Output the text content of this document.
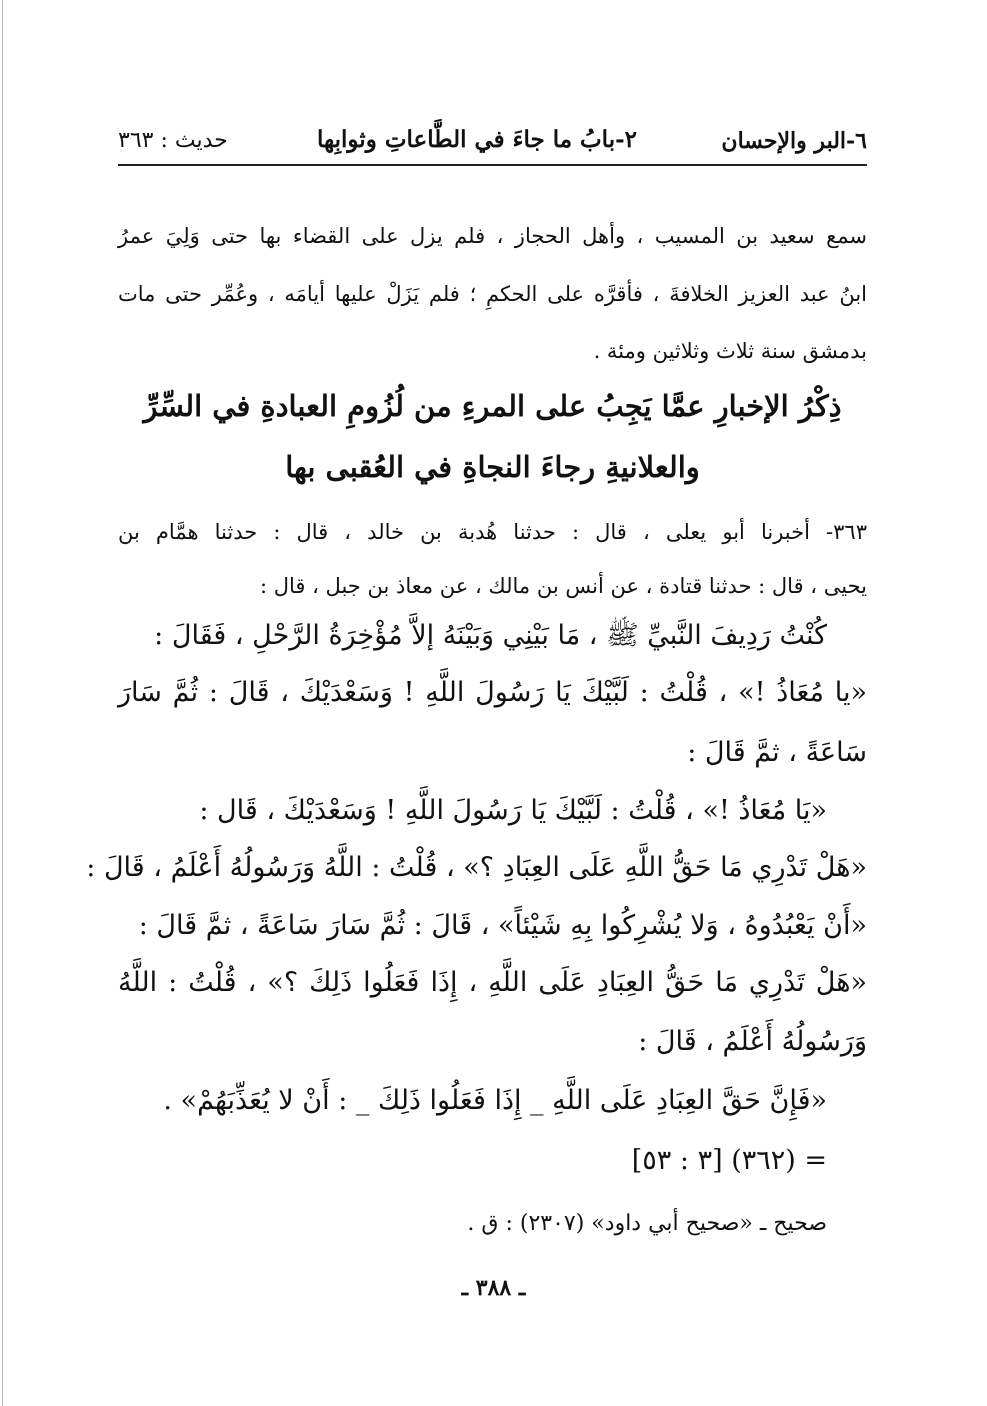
٦-البر والإحسان
٢-بابُ ما جاءَ في الطَّاعاتِ وثوابِها
حديث : ٣٦٣
سمع سعيد بن المسيب ، وأهل الحجاز ، فلم يزل على القضاء بها حتى وَلِيَ عمرُ
ابنُ عبد العزيز الخلافةَ ، فأقرَّه على الحكمِ ؛ فلم يَزَلْ عليها أيامَه ، وعُمِّر حتى مات
بدمشق سنة ثلاث وثلاثين ومئة .
ذِكْرُ الإخبارِ عمَّا يَجِبُ على المرءِ من لُزُومِ العبادةِ في السِّرِّ
والعلانيةِ رجاءَ النجاةِ في العُقبى بها
٣٦٣- أخبرنا أبو يعلى ، قال : حدثنا هُدبة بن خالد ، قال : حدثنا همَّام بن
يحيى ، قال : حدثنا قتادة ، عن أنس بن مالك ، عن معاذ بن جبل ، قال :
كُنْتُ رَدِيفَ النَّبيِّ ﷺ ، مَا بَيْنِي وَبَيْنَهُ إلاَّ مُؤْخِرَةُ الرَّحْلِ ، فَقَالَ :
«يا مُعَاذُ !» ، قُلْتُ : لَبَّيْكَ يَا رَسُولَ اللَّهِ ! وَسَعْدَيْكَ ، قَالَ : ثُمَّ سَارَ
سَاعَةً ، ثمَّ قَالَ :
«يَا مُعَاذُ !» ، قُلْتُ : لَبَّيْكَ يَا رَسُولَ اللَّهِ ! وَسَعْدَيْكَ ، قَال :
«هَلْ تَدْرِي مَا حَقُّ اللَّهِ عَلَى العِبَادِ ؟» ، قُلْتُ : اللَّهُ وَرَسُولُهُ أَعْلَمُ ، قَالَ :
«أَنْ يَعْبُدُوهُ ، وَلا يُشْرِكُوا بِهِ شَيْئاً» ، قَالَ : ثُمَّ سَارَ سَاعَةً ، ثمَّ قَالَ :
«هَلْ تَدْرِي مَا حَقُّ العِبَادِ عَلَى اللَّهِ ، إِذَا فَعَلُوا ذَلِكَ ؟» ، قُلْتُ : اللَّهُ
وَرَسُولُهُ أَعْلَمُ ، قَالَ :
«فَإِنَّ حَقَّ العِبَادِ عَلَى اللَّهِ _ إِذَا فَعَلُوا ذَلِكَ _ : أَنْ لا يُعَذِّبَهُمْ» .
= (٣٦٢) [٣ : ٥٣]
صحيح ـ «صحيح أبي داود» (٢٣٠٧) : ق .
ـ ٣٨٨ ـ
